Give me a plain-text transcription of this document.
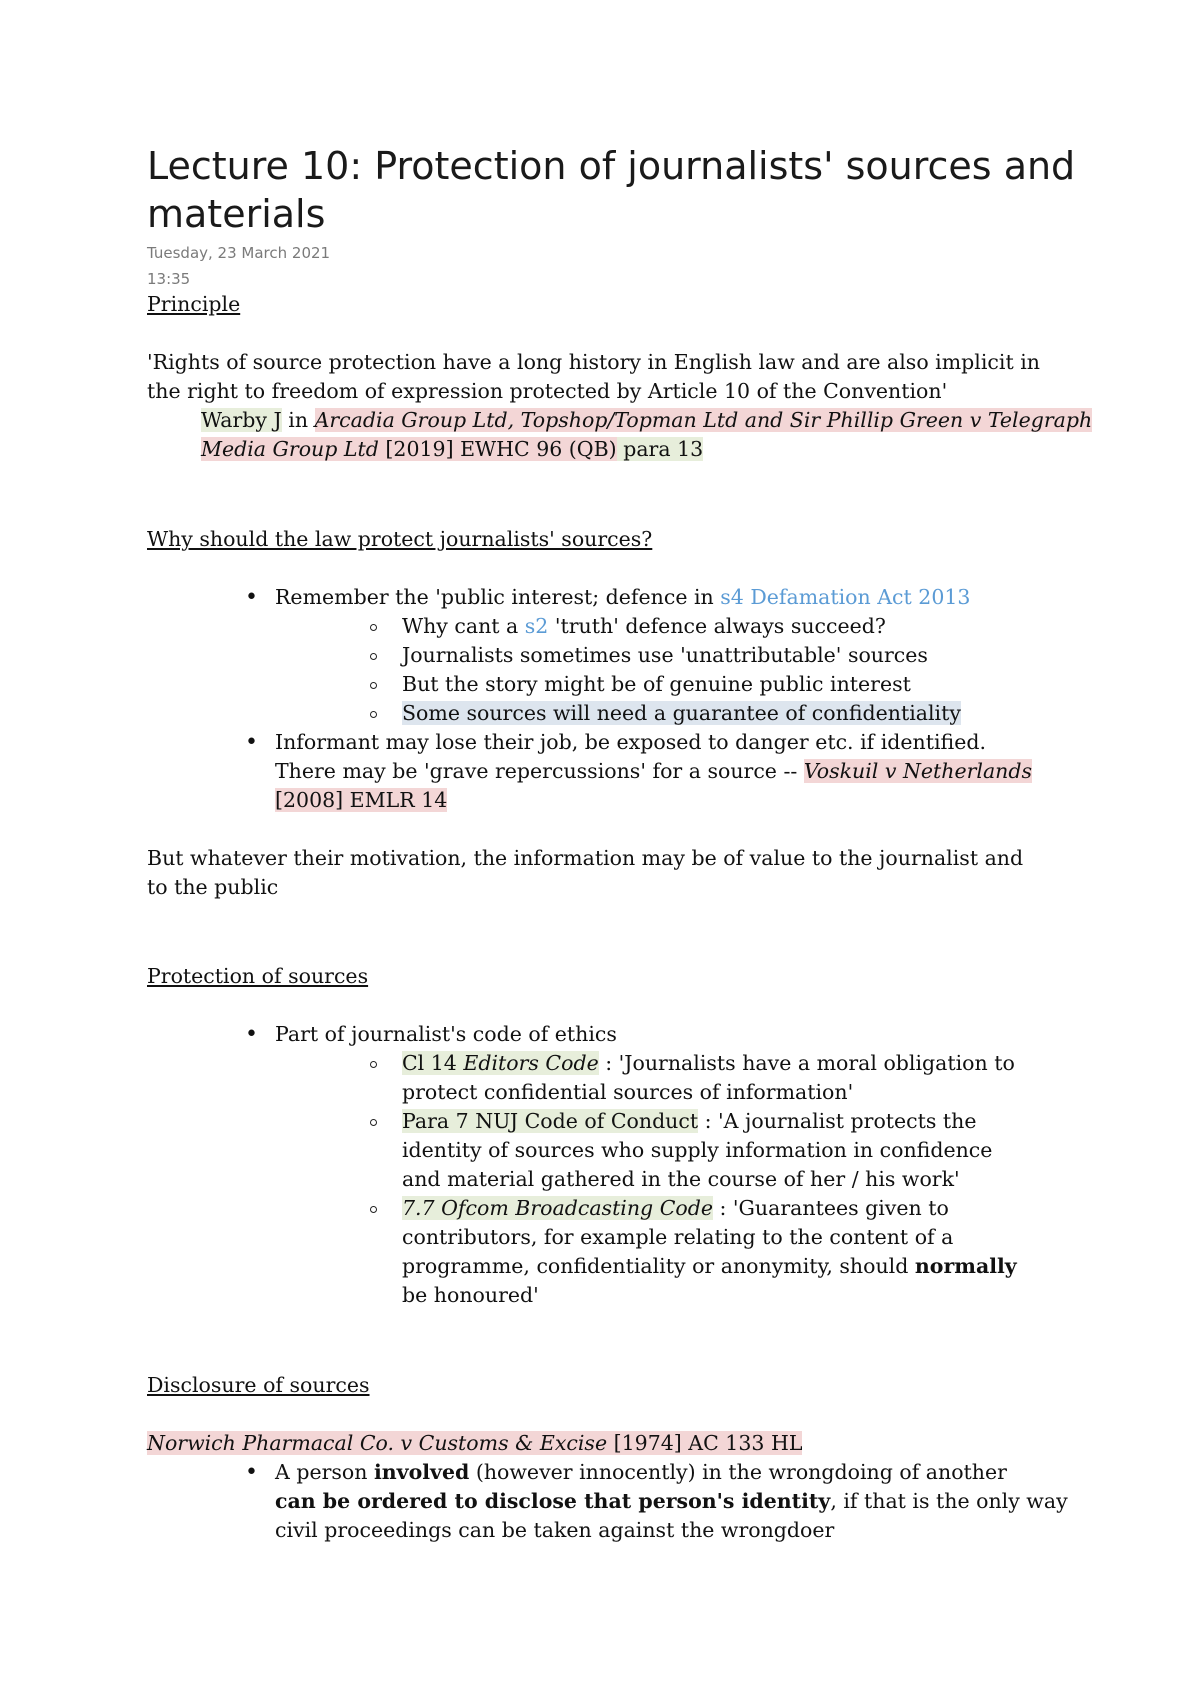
Lecture 10: Protection of journalists' sources and materials
Tuesday, 23 March 2021
13:35
Principle
'Rights of source protection have a long history in English law and are also implicit in
the right to freedom of expression protected by Article 10 of the Convention'
Warby J in Arcadia Group Ltd, Topshop/Topman Ltd and Sir Phillip Green v Telegraph
Media Group Ltd [2019] EWHC 96 (QB) para 13
Why should the law protect journalists' sources?
• Remember the 'public interest; defence in s4 Defamation Act 2013
Why cant a s2 'truth' defence always succeed?
Journalists sometimes use 'unattributable' sources
But the story might be of genuine public interest
Some sources will need a guarantee of confidentiality
• Informant may lose their job, be exposed to danger etc. if identified.
There may be 'grave repercussions' for a source -- Voskuil v Netherlands
[2008] EMLR 14
But whatever their motivation, the information may be of value to the journalist and
to the public
Protection of sources
• Part of journalist's code of ethics
Cl 14 Editors Code : 'Journalists have a moral obligation to
protect confidential sources of information'
Para 7 NUJ Code of Conduct : 'A journalist protects the
identity of sources who supply information in confidence
and material gathered in the course of her / his work'
7.7 Ofcom Broadcasting Code : 'Guarantees given to
contributors, for example relating to the content of a
programme, confidentiality or anonymity, should normally
be honoured'
Disclosure of sources
Norwich Pharmacal Co. v Customs & Excise [1974] AC 133 HL
• A person involved (however innocently) in the wrongdoing of another
can be ordered to disclose that person's identity, if that is the only way
civil proceedings can be taken against the wrongdoer
